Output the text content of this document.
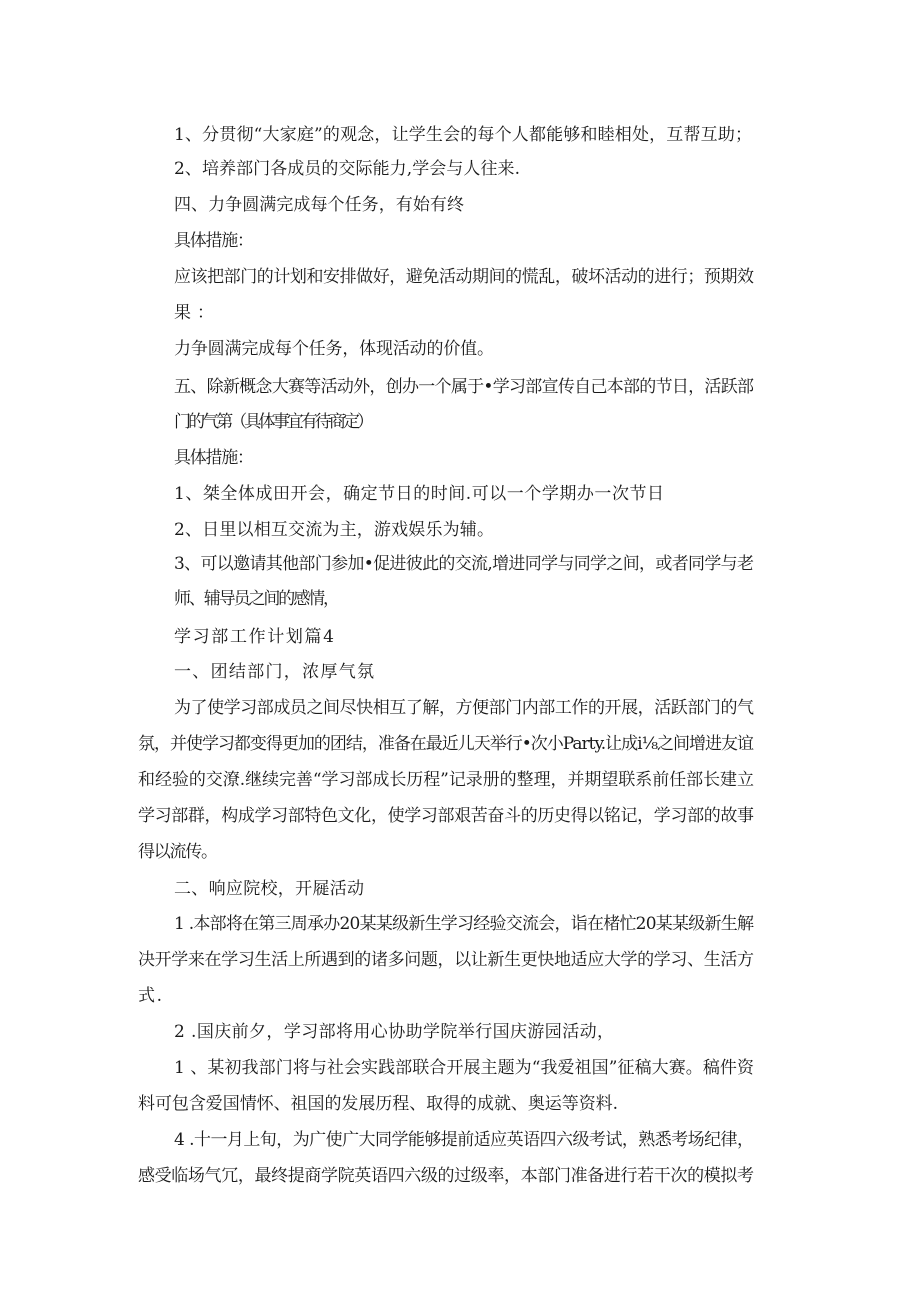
1、分贯彻“大家庭”的观念，让学生会的每个人都能够和睦相处，互帮互助；
2、培养部门各成员的交际能力,学会与人往来.
四、力争圆满完成每个任务，有始有终
具体措施：
应该把部门的计划和安排做好，避免活动期间的慌乱，破坏活动的进行；预期效
果：
力争圆满完成每个任务，体现活动的价值。
五、除新概念大赛等活动外，创办一个属于•学习部宣传自己本部的节日，活跃部
门的气第（具体事宜有待商定）
具体措施：
1、桀全体成田开会，确定节日的时间.可以一个学期办一次节日
2、日里以相互交流为主，游戏娱乐为辅。
3、可以邀请其他部门参加•促进彼此的交流,增进同学与同学之间，或者同学与老
师、辅导员之间的感情，
学习部工作计划篇4
一、团结部门，浓厚气氛
为了使学习部成员之间尽快相互了解，方便部门内部工作的开展，活跃部门的气
氛，并使学习都变得更加的团结，准备在最近儿天举行•次小Party.让成i⅛之间增进友谊
和经验的交潦.继续完善“学习部成长历程”记录册的整理，并期望联系前任部长建立
学习部群，构成学习部特色文化，使学习部艰苦奋斗的历史得以铭记，学习部的故事
得以流传。
二、响应院校，开屣活动
1 .本部将在第三周承办20某某级新生学习经验交流会，诣在楮忙20某某级新生解
决开学来在学习生活上所遇到的诸多问题，以让新生更快地适应大学的学习、生活方
式.
2 .国庆前夕，学习部将用心协助学院举行国庆游园活动，
1 、某初我部门将与社会实践部联合开展主题为“我爱祖国”征稿大赛。稿件资
料可包含爱国情怀、祖国的发展历程、取得的成就、奥运等资料.
4 .十一月上旬，为广使广大同学能够提前适应英语四六级考试，熟悉考场纪律，
感受临场气冗，最终提商学院英语四六级的过级率，本部门准备进行若干次的模拟考
